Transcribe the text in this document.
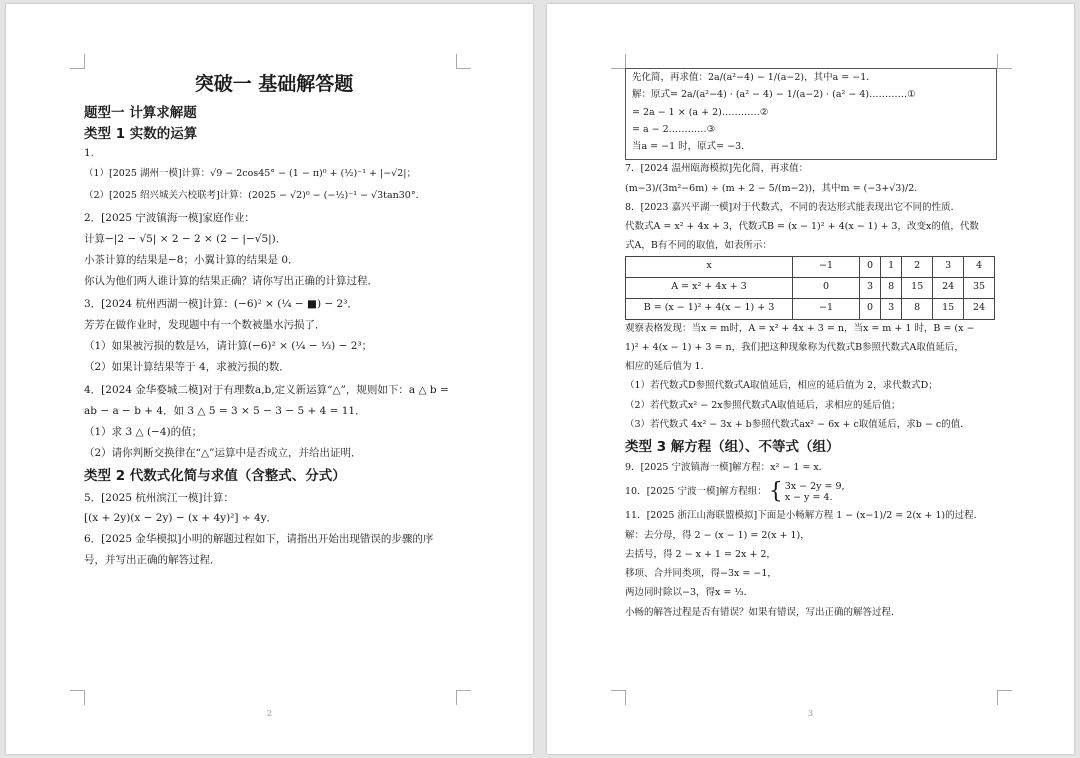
突破一 基础解答题
题型一 计算求解题
类型 1 实数的运算
1.
（1）[2025 湖州一模]计算：√9 − 2cos45° − (1 − π)⁰ + (½)⁻¹ + |−√2|；
（2）[2025 绍兴城关六校联考]计算：(2025 − √2)⁰ − (−½)⁻¹ − √3tan30°．
2．[2025 宁波镇海一模]家庭作业：
计算−|2 − √5| × 2 − 2 × (2 − |−√5|)．
小茶计算的结果是−8；小翼计算的结果是 0．
你认为他们两人谁计算的结果正确？请你写出正确的计算过程．
3．[2024 杭州西湖一模]计算：(−6)² × (¼ − ■) − 2³．
芳芳在做作业时，发现题中有一个数被墨水污损了．
（1）如果被污损的数是⅓，请计算(−6)² × (¼ − ⅓) − 2³；
（2）如果计算结果等于 4，求被污损的数．
4．[2024 金华婺城二模]对于有理数a,b,定义新运算“△”，规则如下：a △ b =
ab − a − b + 4．如 3 △ 5 = 3 × 5 − 3 − 5 + 4 = 11．
（1）求 3 △ (−4)的值；
（2）请你判断交换律在“△”运算中是否成立，并给出证明．
类型 2 代数式化简与求值（含整式、分式）
5．[2025 杭州滨江一模]计算：
[(x + 2y)(x − 2y) − (x + 4y)²] ÷ 4y．
6．[2025 金华模拟]小明的解题过程如下，请指出开始出现错误的步骤的序
号，并写出正确的解答过程．
2
先化简，再求值：2a/(a²−4) − 1/(a−2)，其中a = −1．
解：原式= 2a/(a²−4) · (a² − 4) − 1/(a−2) · (a² − 4)…………①
= 2a − 1 × (a + 2)…………②
= a − 2…………③
当a = −1 时，原式= −3．
7．[2024 温州瓯海模拟]先化简，再求值：
(m−3)/(3m²−6m) ÷ (m + 2 − 5/(m−2))，其中m = (−3+√3)/2．
8．[2023 嘉兴平湖一模]对于代数式，不同的表达形式能表现出它不同的性质．
代数式A = x² + 4x + 3，代数式B = (x − 1)² + 4(x − 1) + 3，改变x的值，代数
式A，B有不同的取值，如表所示：
x	−1	0	1	2	3	4
A = x² + 4x + 3	0	3	8	15	24	35
B = (x − 1)² + 4(x − 1) + 3	−1	0	3	8	15	24
观察表格发现：当x = m时，A = x² + 4x + 3 = n，当x = m + 1 时，B = (x −
1)² + 4(x − 1) + 3 = n，我们把这种现象称为代数式B参照代数式A取值延后，
相应的延后值为 1．
（1）若代数式D参照代数式A取值延后，相应的延后值为 2，求代数式D；
（2）若代数式x² − 2x参照代数式A取值延后，求相应的延后值；
（3）若代数式 4x² − 3x + b参照代数式ax² − 6x + c取值延后，求b − c的值．
类型 3 解方程（组）、不等式（组）
9．[2025 宁波镇海一模]解方程：x² − 1 = x．
10．[2025 宁波一模]解方程组： { 3x − 2y = 9,
x − y = 4.
11．[2025 浙江山海联盟模拟]下面是小畅解方程 1 − (x−1)/2 = 2(x + 1)的过程．
解：去分母，得 2 − (x − 1) = 2(x + 1)，
去括号，得 2 − x + 1 = 2x + 2，
移项、合并同类项，得−3x = −1，
两边同时除以−3，得x = ⅓．
小畅的解答过程是否有错误？如果有错误，写出正确的解答过程．
3
